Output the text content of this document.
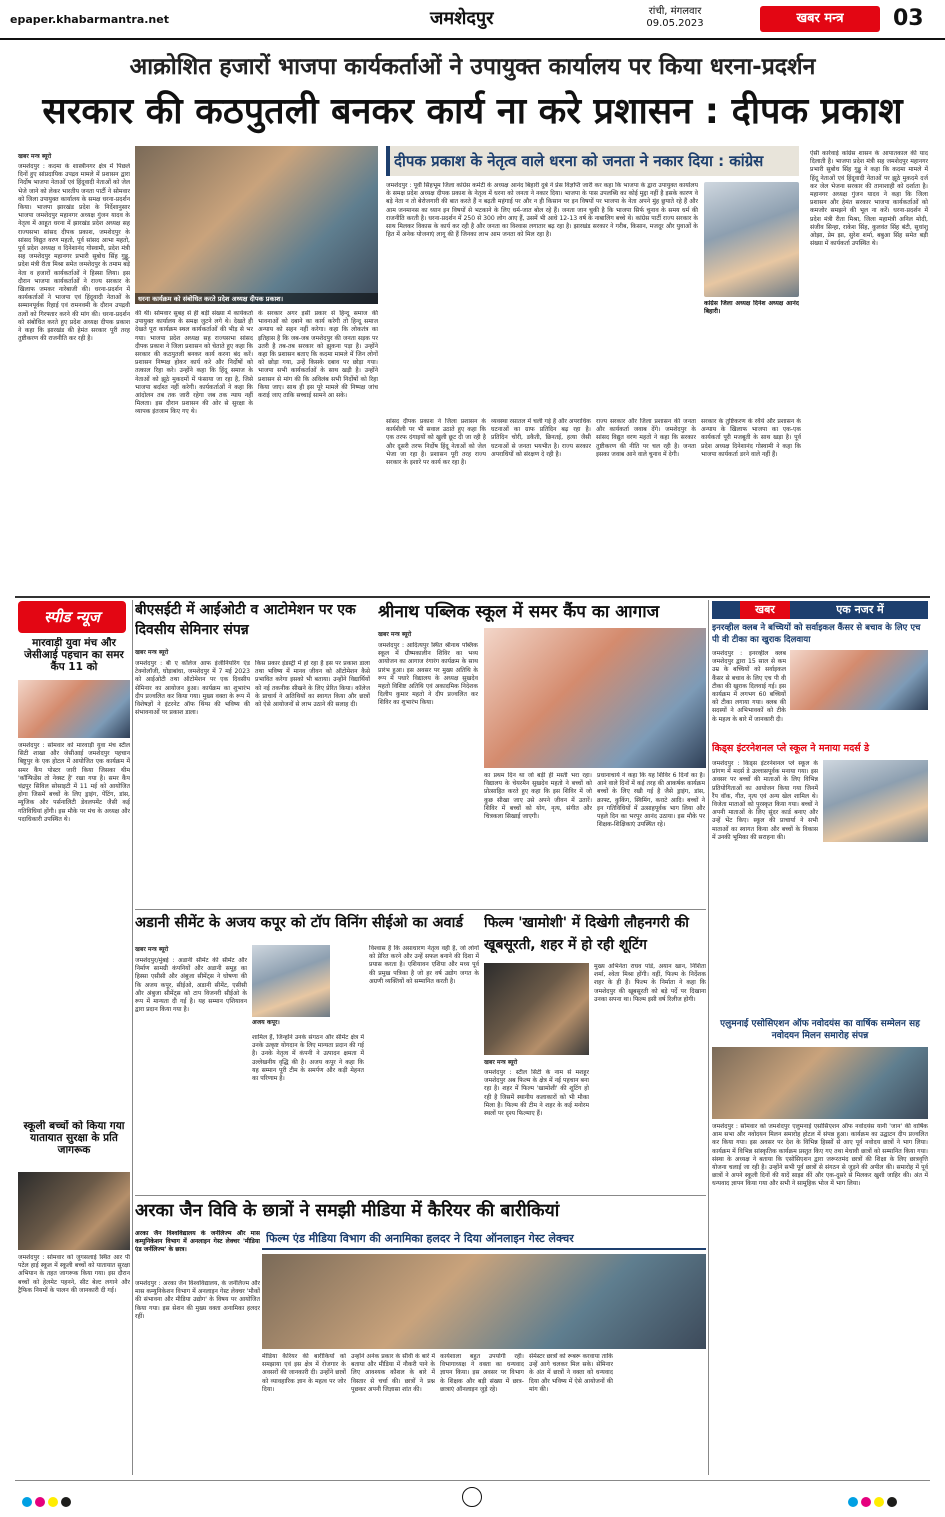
epaper.khabarmantra.net	जमशेदपुर	रांची, मंगलवार
09.05.2023	खबर मन्त्र	03
आक्रोशित हजारों भाजपा कार्यकर्ताओं ने उपायुक्त कार्यालय पर किया धरना-प्रदर्शन
सरकार की कठपुतली बनकर कार्य ना करे प्रशासन : दीपक प्रकाश
खबर मन्त्र ब्यूरो
जमशेदपुर : कदमा के शास्त्रीनगर क्षेत्र में पिछले दिनों हुए सांप्रदायिक उपद्रव मामले में प्रशासन द्वारा निर्दोष भाजपा नेताओं एवं हिंदूवादी नेताओं को जेल भेजे जाने को लेकर भारतीय जनता पार्टी ने सोमवार को जिला उपायुक्त कार्यालय के समक्ष धरना-प्रदर्शन किया। भाजपा झारखंड प्रदेश के निर्देशानुसार भाजपा जमशेदपुर महानगर अध्यक्ष गुंजन यादव के नेतृत्व में आहूत धरना में झारखंड प्रदेश अध्यक्ष सह राज्यसभा सांसद दीपक प्रकाश, जमशेदपुर के सांसद विद्युत वरण महतो, पूर्व सांसद आभा महतो, पूर्व प्रदेश अध्यक्ष व दिनेशानंद गोस्वामी, प्रदेश मंत्री सह जमशेदपुर महानगर प्रभारी सुबोध सिंह गुड्डू, प्रदेश मंत्री रीता मिश्रा समेत जमशेदपुर के तमाम बड़े नेता व हजारों कार्यकर्ताओं ने हिस्सा लिया। इस दौरान भाजपा कार्यकर्ताओं ने राज्य सरकार के खिलाफ जमकर नारेबाजी की। धरना-प्रदर्शन में कार्यकर्ताओं ने भाजपा एवं हिंदूवादी नेताओं के सम्मानपूर्वक रिहाई एवं रामनवमी के दौरान उपद्रवी तत्वों को गिरफ्तार करने की मांग की। धरना-प्रदर्शन को संबोधित करते हुए प्रदेश अध्यक्ष दीपक प्रकाश ने कहा कि झारखंड की हेमंत सरकार पूरी तरह तुष्टीकरण की राजनीति कर रही है।
धरना कार्यक्रम को संबोधित करते प्रदेश अध्यक्ष दीपक प्रकाश।
की थी। सोमवार सुबह से ही बड़ी संख्या में कार्यकर्ता उपायुक्त कार्यालय के समक्ष जुटने लगे थे। देखते ही देखते पूरा कार्यक्रम स्थल कार्यकर्ताओं की भीड़ से भर गया। भाजपा प्रदेश अध्यक्ष सह राज्यसभा सांसद दीपक प्रकाश ने जिला प्रशासन को चेताते हुए कहा कि सरकार की कठपुतली बनकर कार्य करना बंद करें। प्रशासन निष्पक्ष होकर कार्य करे और निर्दोषों को तत्काल रिहा करे। उन्होंने कहा कि हिंदू समाज के नेताओं को झूठे मुकदमों में फंसाया जा रहा है, जिसे भाजपा बर्दाश्त नहीं करेगी। कार्यकर्ताओं ने कहा कि आंदोलन तब तक जारी रहेगा जब तक न्याय नहीं मिलता। इस दौरान प्रशासन की ओर से सुरक्षा के व्यापक इंतजाम किए गए थे।
के सरकार अगर इसी प्रकार से हिन्दू समाज की भावनाओं को दबाने का कार्य करेगी तो हिन्दू समाज अन्याय को सहन नहीं करेगा। कहा कि लोकतंत्र का इतिहास है कि जब-जब जमशेदपुर की जनता सड़क पर उतरी है तब-तब सरकार को झुकना पड़ा है। उन्होंने कहा कि प्रशासन बताए कि कदमा मामले में जिन लोगों को छोड़ा गया, उन्हें किसके दबाव पर छोड़ा गया। भाजपा सभी कार्यकर्ताओं के साथ खड़ी है। उन्होंने प्रशासन से मांग की कि अविलंब सभी निर्दोषों को रिहा किया जाए। साथ ही इस पूरे मामले की निष्पक्ष जांच कराई जाए ताकि सच्चाई सामने आ सके।
दीपक प्रकाश के नेतृत्व वाले धरना को जनता ने नकार दिया : कांग्रेस
जमशेदपुर : पूर्वी सिंहभूम जिला कांग्रेस कमेटी के अध्यक्ष आनंद बिहारी दुबे ने प्रेस विज्ञप्ति जारी कर कहा कि भाजपा के द्वारा उपायुक्त कार्यालय के समक्ष प्रदेश अध्यक्ष दीपक प्रकाश के नेतृत्व में धरना को जनता ने नकार दिया। भाजपा के पास उपलब्धि का कोई मुद्दा नहीं है इसके कारण वे बड़े नेता न तो बेरोजगारी की बात करते हैं न बढ़ती महंगाई पर और न ही किसान पर इन विषयों पर भाजपा के नेता अपने मुंह छुपाते रहे हैं और आम जनमानस का ध्यान इन विषयों से भटकाने के लिए धर्म-जात बोल रहे हैं। जनता जान चुकी है कि भाजपा सिर्फ चुनाव के समय धर्म की राजनीति करती है। धरना-प्रदर्शन में 250 से 300 लोग आए हैं, उसमें भी आधे 12-13 वर्ष के नाबालिग बच्चे थे। कांग्रेस पार्टी राज्य सरकार के साथ मिलकर विकास के कार्य कर रही है और जनता का विश्वास लगातार बढ़ रहा है। झारखंड सरकार ने गरीब, किसान, मजदूर और युवाओं के हित में अनेक योजनाएं लागू की हैं जिनका लाभ आम जनता को मिल रहा है।
कांग्रेस जिला अध्यक्ष दिनेश अध्यक्ष आनंद बिहारी।
सांसद दीपक प्रकाश ने जिला प्रशासन के कार्यशैली पर भी सवाल उठाते हुए कहा कि एक तरफ दंगाइयों को खुली छूट दी जा रही है और दूसरी तरफ निर्दोष हिंदू नेताओं को जेल भेजा जा रहा है। प्रशासन पूरी तरह राज्य सरकार के इशारे पर कार्य कर रहा है।
व्यवस्था रसातल में चली गई है और अपराधिक घटनाओं का ग्राफ प्रतिदिन बढ़ रहा है। प्रतिदिन चोरी, डकैती, छिनतई, हत्या जैसी घटनाओं से जनता भयभीत है। राज्य सरकार अपराधियों को संरक्षण दे रही है।
राज्य सरकार और जिला प्रशासन की जनता और कार्यकर्ता जवाब देंगे। जमशेदपुर के सांसद विद्युत वरण महतो ने कहा कि सरकार तुष्टीकरण की नीति पर चल रही है। जनता इसका जवाब आने वाले चुनाव में देगी।
सरकार के तुष्टिकरण के रवैये और प्रशासन के अन्याय के खिलाफ भाजपा का एक-एक कार्यकर्ता पूरी मजबूती के साथ खड़ा है। पूर्व प्रदेश अध्यक्ष दिनेशानंद गोस्वामी ने कहा कि भाजपा कार्यकर्ता डरने वाले नहीं हैं।
ऐसी कार्रवाई कांग्रेस शासन के आपातकाल की याद दिलाती है। भाजपा प्रदेश मंत्री सह जमशेदपुर महानगर प्रभारी सुबोध सिंह गुड्डू ने कहा कि कदमा मामले में हिंदू नेताओं एवं हिंदूवादी नेताओं पर झूठे मुकदमे दर्ज कर जेल भेजना सरकार की तानाशाही को दर्शाता है। महानगर अध्यक्ष गुंजन यादव ने कहा कि जिला प्रशासन और हेमंत सरकार भाजपा कार्यकर्ताओं को कमजोर समझने की भूल ना करें। धरना-प्रदर्शन में प्रदेश मंत्री रीता मिश्रा, जिला महामंत्री अनिल मोदी, संजीव सिन्हा, राकेश सिंह, कुलवंत सिंह बंटी, सुधांशु ओझा, प्रेम झा, सुरेश शर्मा, बबुआ सिंह समेत बड़ी संख्या में कार्यकर्ता उपस्थित थे।
स्पीड न्यूज
मारवाड़ी युवा मंच और जेसीआई पहचान का समर कैंप 11 को
जमशेदपुर : सोमवार को मारवाड़ी युवा मंच स्टील सिटी शाखा और जेसीआई जमशेदपुर पहचान बिष्टुपुर के एक होटल में आयोजित एक कार्यक्रम में समर कैंप पोस्टर जारी किया जिसका थीम 'कॉन्फिडेंस तो नेक्स्ट है' रखा गया है। समर कैंप चंद्रपुर सिविल सोसाइटी में 11 मई को आयोजित होगा जिसमें बच्चों के लिए ड्राइंग, पेंटिंग, डांस, म्यूजिक और पर्सनालिटी डेवलपमेंट जैसी कई गतिविधियां होंगी। इस मौके पर मंच के अध्यक्ष और पदाधिकारी उपस्थित थे।
स्कूली बच्चों को किया गया यातायात सुरक्षा के प्रति जागरूक
जमशेदपुर : सोमवार को जुगसलाई स्थित आर पी पटेल हाई स्कूल में स्कूली बच्चों को यातायात सुरक्षा अभियान के तहत जागरूक किया गया। इस दौरान बच्चों को हेलमेट पहनने, सीट बेल्ट लगाने और ट्रैफिक नियमों के पालन की जानकारी दी गई।
बीएसईटी में आईओटी व आटोमेशन पर एक दिवसीय सेमिनार संपन्न
खबर मन्त्र ब्यूरो
जमशेदपुर : बी ए कॉलेज आफ इंजीनियरिंग एंड टेक्नोलॉजी, घोड़ाबांधा, जमशेदपुर में 7 मई 2023 को आईओटी तथा ऑटोमेशन पर एक दिवसीय सेमिनार का आयोजन हुआ। कार्यक्रम का शुभारंभ दीप प्रज्वलित कर किया गया। मुख्य वक्ता के रूप में विशेषज्ञों ने इंटरनेट ऑफ थिंग्स की भविष्य की संभावनाओं पर प्रकाश डाला।
किस प्रकार इंडस्ट्री में हो रहा है इस पर प्रकाश डाला तथा भविष्य में मानव जीवन को ऑटोमेशन कैसे प्रभावित करेगा इसको भी बताया। उन्होंने विद्यार्थियों को नई तकनीक सीखने के लिए प्रेरित किया। कॉलेज के प्राचार्य ने अतिथियों का स्वागत किया और छात्रों को ऐसे आयोजनों से लाभ उठाने की सलाह दी।
श्रीनाथ पब्लिक स्कूल में समर कैंप का आगाज
खबर मन्त्र ब्यूरो
जमशेदपुर : आदित्यपुर स्थित श्रीनाथ पब्लिक स्कूल में ग्रीष्मकालीन शिविर का भव्य आयोजन का आगाज रंगारंग कार्यक्रम के साथ प्रारंभ हुआ। इस अवसर पर मुख्य अतिथि के रूप में पधारे विद्यालय के अध्यक्ष सुखदेव महतो विशिष्ट अतिथि एवं अकादमिक निदेशक दिलीप कुमार महतो ने दीप प्रज्वलित कर शिविर का शुभारंभ किया।
का प्रथम दिन था जो बड़ी ही मस्ती भरा रहा। विद्यालय के चेयरमैन सुखदेव महतो ने बच्चों को प्रोत्साहित करते हुए कहा कि इस शिविर में जो कुछ सीखा जाए उसे अपने जीवन में उतारें। शिविर में बच्चों को योग, नृत्य, संगीत और चित्रकला सिखाई जाएगी।
प्रधानाचार्य ने कहा कि यह शिविर 6 दिनों का है। आने वाले दिनों में कई तरह की आकर्षक कार्यक्रम बच्चों के लिए रखी गई है जैसे ड्राइंग, डांस, क्राफ्ट, कुकिंग, स्विमिंग, कराटे आदि। बच्चों ने इन गतिविधियों में उत्साहपूर्वक भाग लिया और पहले दिन का भरपूर आनंद उठाया। इस मौके पर शिक्षक-शिक्षिकाएं उपस्थित रहे।
अडानी सीमेंट के अजय कपूर को टॉप विनिंग सीईओ का अवार्ड
खबर मन्त्र ब्यूरो
जमशेदपुर/मुंबई : अडानी सीमेंट की सीमेंट और निर्माण सामग्री कंपनियों और अडानी समूह का हिस्सा एसीसी और अंबुजा सीमेंट्स ने घोषणा की कि अजय कपूर, सीईओ, अडानी सीमेंट, एसीसी और अंबुजा सीमेंट्स को टाप विजनरी सीईओ के रूप में मान्यता दी गई है। यह सम्मान एशियावन द्वारा प्रदान किया गया है।
अजय कपूर।
शामिल हैं, जिन्होंने उनके संगठन और सीमेंट क्षेत्र में उनके उत्कृष्ट योगदान के लिए मान्यता प्रदान की गई है। उनके नेतृत्व में कंपनी ने उत्पादन क्षमता में उल्लेखनीय वृद्धि की है। अजय कपूर ने कहा कि यह सम्मान पूरी टीम के समर्पण और कड़ी मेहनत का परिणाम है।
विश्वास है कि असाधारण नेतृत्व वही है, जो लोगों को प्रेरित करने और उन्हें सफल बनाने की दिशा में प्रयास करता है। एशियावन एशिया और मध्य पूर्व की प्रमुख पत्रिका है जो हर वर्ष उद्योग जगत के अग्रणी व्यक्तियों को सम्मानित करती है।
फिल्म 'खामोशी' में दिखेगी लौहनगरी की खूबसूरती, शहर में हो रही शूटिंग
खबर मन्त्र ब्यूरो
जमशेदपुर : स्टील सिटी के नाम से मशहूर जमशेदपुर अब फिल्म के क्षेत्र में नई पहचान बना रहा है। शहर में फिल्म 'खामोशी' की शूटिंग हो रही है जिसमें स्थानीय कलाकारों को भी मौका मिला है। फिल्म की टीम ने शहर के कई मनोरम स्थलों पर दृश्य फिल्माए हैं।
मुख्य अभिनेता राघव पांडे, अयान खान, निशिता शर्मा, श्वेता मिश्रा होंगी। वहीं, फिल्म के निर्देशक शहर के ही हैं। फिल्म के निर्माता ने कहा कि जमशेदपुर की खूबसूरती को बड़े पर्दे पर दिखाना उनका सपना था। फिल्म इसी वर्ष रिलीज होगी।
अरका जैन विवि के छात्रों ने समझी मीडिया में कैरियर की बारीकियां
फिल्म एंड मीडिया विभाग की अनामिका हलदर ने दिया ऑनलाइन गेस्ट लेक्चर
अरका जैन विश्वविद्यालय के जर्नलिज्म और मास कम्युनिकेशन विभाग में अनलाइन गेस्ट लेक्चर 'मीडिया एंड जर्नलिज्म' के छात्र।
जमशेदपुर : अरका जैन विश्वविद्यालय, के जर्नलिज्म और मास कम्युनिकेशन विभाग में अनलाइन गेस्ट लेक्चर 'मौकों की संभावना और मीडिया उद्योग' के विषय पर आयोजित किया गया। इस सेशन की मुख्य वक्ता अनामिका हलदर रहीं।
मीडिया कैरियर की बारीकियों को समझाया एवं इस क्षेत्र में रोजगार के अवसरों की जानकारी दी। उन्होंने छात्रों को व्यावहारिक ज्ञान के महत्व पर जोर दिया।
उन्होंने अनेक प्रकार के सीवी के बारे में बताया और मीडिया में नौकरी पाने के लिए आवश्यक कौशल के बारे में विस्तार से चर्चा की। छात्रों ने प्रश्न पूछकर अपनी जिज्ञासा शांत की।
कार्यशाला बहुत उपयोगी रही। विभागाध्यक्ष ने वक्ता का धन्यवाद ज्ञापन किया। इस अवसर पर विभाग के शिक्षक और बड़ी संख्या में छात्र-छात्राएं ऑनलाइन जुड़े रहे।
सेमेस्टर छात्रों को रूबरू करवाया ताकि उन्हें आगे चलकर मिल सके। सेमिनार के अंत में छात्रों ने वक्ता को धन्यवाद दिया और भविष्य में ऐसे आयोजनों की मांग की।
खबर	एक नजर में
इनरव्हील क्लब ने बच्चियों को सर्वाइकल कैंसर से बचाव के लिए एच पी वी टीका का खुराक दिलवाया
जमशेदपुर : इनरव्हील क्लब जमशेदपुर द्वारा 15 साल से कम उम्र के बच्चियों को सर्वाइकल कैंसर से बचाव के लिए एच पी वी टीका की खुराक दिलवाई गई। इस कार्यक्रम में लगभग 60 बच्चियों को टीका लगाया गया। क्लब की सदस्यों ने अभिभावकों को टीके के महत्व के बारे में जानकारी दी।
किड्स इंटरनेशनल प्ले स्कूल ने मनाया मदर्स डे
जमशेदपुर : किड्स इंटरनेशनल प्ले स्कूल के प्रांगण में मदर्स डे उल्लासपूर्वक मनाया गया। इस अवसर पर बच्चों की माताओं के लिए विभिन्न प्रतियोगिताओं का आयोजन किया गया जिनमें रैंप वॉक, गीत, नृत्य एवं अन्य खेल शामिल थे। विजेता माताओं को पुरस्कृत किया गया। बच्चों ने अपनी माताओं के लिए सुंदर कार्ड बनाए और उन्हें भेंट किए। स्कूल की प्राचार्या ने सभी माताओं का स्वागत किया और बच्चों के विकास में उनकी भूमिका की सराहना की।
एलुमनाई एसोसिएशन ऑफ नवोदयंस का वार्षिक सम्मेलन सह नवोदयन मिलन समारोह संपन्न
जमशेदपुर : सोमवार को जमशेदपुर एलुमनाई एसोसिएशन ऑफ नवोदयंस यानी 'जान' की वार्षिक आम सभा और नवोदयन मिलन समारोह होटल में संपन्न हुआ। कार्यक्रम का उद्घाटन दीप प्रज्वलित कर किया गया। इस अवसर पर देश के विभिन्न हिस्सों से आए पूर्व नवोदय छात्रों ने भाग लिया। कार्यक्रम में विभिन्न सांस्कृतिक कार्यक्रम प्रस्तुत किए गए तथा मेधावी छात्रों को सम्मानित किया गया। संस्था के अध्यक्ष ने बताया कि एसोसिएशन द्वारा जरूरतमंद छात्रों की शिक्षा के लिए छात्रवृत्ति योजना चलाई जा रही है। उन्होंने सभी पूर्व छात्रों से संगठन से जुड़ने की अपील की। समारोह में पूर्व छात्रों ने अपने स्कूली दिनों की यादें साझा कीं और एक-दूसरे से मिलकर खुशी जाहिर की। अंत में धन्यवाद ज्ञापन किया गया और सभी ने सामूहिक भोज में भाग लिया।
